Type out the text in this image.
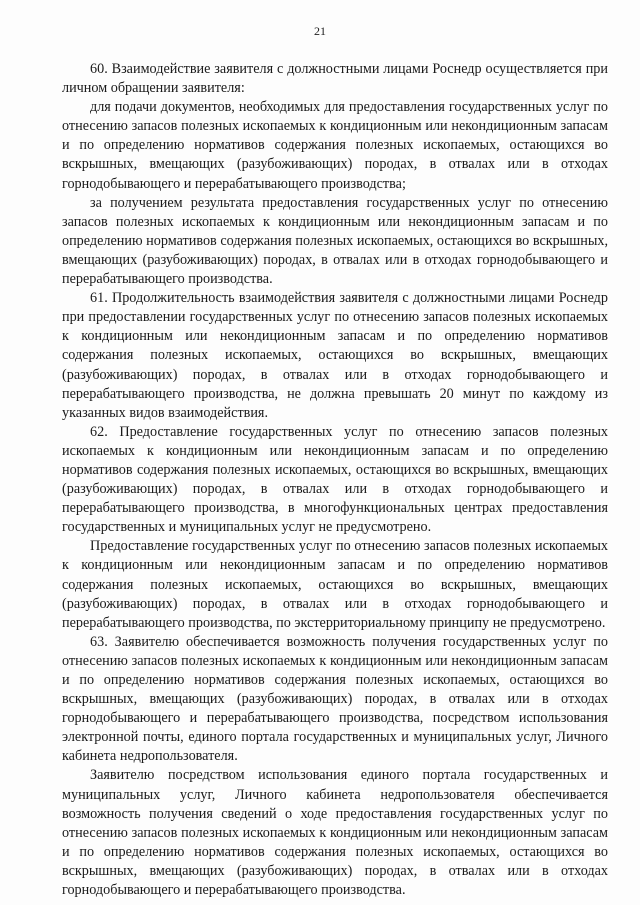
21

60. Взаимодействие заявителя с должностными лицами Роснедр осуществляется при личном обращении заявителя:

для подачи документов, необходимых для предоставления государственных услуг по отнесению запасов полезных ископаемых к кондиционным или некондиционным запасам и по определению нормативов содержания полезных ископаемых, остающихся во вскрышных, вмещающих (разубоживающих) породах, в отвалах или в отходах горнодобывающего и перерабатывающего производства;

за получением результата предоставления государственных услуг по отнесению запасов полезных ископаемых к кондиционным или некондиционным запасам и по определению нормативов содержания полезных ископаемых, остающихся во вскрышных, вмещающих (разубоживающих) породах, в отвалах или в отходах горнодобывающего и перерабатывающего производства.

61. Продолжительность взаимодействия заявителя с должностными лицами Роснедр при предоставлении государственных услуг по отнесению запасов полезных ископаемых к кондиционным или некондиционным запасам и по определению нормативов содержания полезных ископаемых, остающихся во вскрышных, вмещающих (разубоживающих) породах, в отвалах или в отходах горнодобывающего и перерабатывающего производства, не должна превышать 20 минут по каждому из указанных видов взаимодействия.

62. Предоставление государственных услуг по отнесению запасов полезных ископаемых к кондиционным или некондиционным запасам и по определению нормативов содержания полезных ископаемых, остающихся во вскрышных, вмещающих (разубоживающих) породах, в отвалах или в отходах горнодобывающего и перерабатывающего производства, в многофункциональных центрах предоставления государственных и муниципальных услуг не предусмотрено.

Предоставление государственных услуг по отнесению запасов полезных ископаемых к кондиционным или некондиционным запасам и по определению нормативов содержания полезных ископаемых, остающихся во вскрышных, вмещающих (разубоживающих) породах, в отвалах или в отходах горнодобывающего и перерабатывающего производства, по экстерриториальному принципу не предусмотрено.

63. Заявителю обеспечивается возможность получения государственных услуг по отнесению запасов полезных ископаемых к кондиционным или некондиционным запасам и по определению нормативов содержания полезных ископаемых, остающихся во вскрышных, вмещающих (разубоживающих) породах, в отвалах или в отходах горнодобывающего и перерабатывающего производства, посредством использования электронной почты, единого портала государственных и муниципальных услуг, Личного кабинета недропользователя.

Заявителю посредством использования единого портала государственных и муниципальных услуг, Личного кабинета недропользователя обеспечивается возможность получения сведений о ходе предоставления государственных услуг по отнесению запасов полезных ископаемых к кондиционным или некондиционным запасам и по определению нормативов содержания полезных ископаемых, остающихся во вскрышных, вмещающих (разубоживающих) породах, в отвалах или в отходах горнодобывающего и перерабатывающего производства.
